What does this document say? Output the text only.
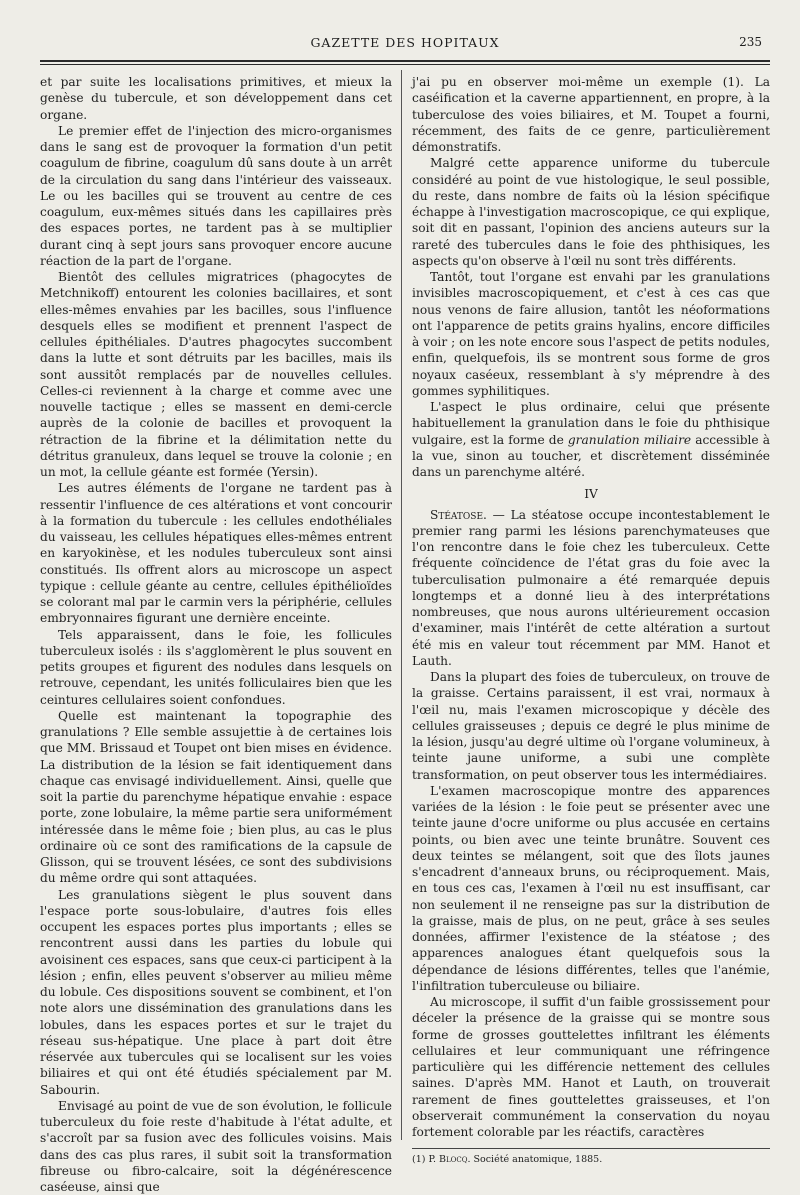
GAZETTE DES HOPITAUX	235

et par suite les localisations primitives, et mieux la genèse du tubercule, et son développement dans cet organe.

Le premier effet de l'injection des micro-organismes dans le sang est de provoquer la formation d'un petit coagulum de fibrine, coagulum dû sans doute à un arrêt de la circulation du sang dans l'intérieur des vaisseaux. Le ou les bacilles qui se trouvent au centre de ces coagulum, eux-mêmes situés dans les capillaires près des espaces portes, ne tardent pas à se multiplier durant cinq à sept jours sans provoquer encore aucune réaction de la part de l'organe.

Bientôt des cellules migratrices (phagocytes de Metchnikoff) entourent les colonies bacillaires, et sont elles-mêmes envahies par les bacilles, sous l'influence desquels elles se modifient et prennent l'aspect de cellules épithéliales. D'autres phagocytes succombent dans la lutte et sont détruits par les bacilles, mais ils sont aussitôt remplacés par de nouvelles cellules. Celles-ci reviennent à la charge et comme avec une nouvelle tactique ; elles se massent en demi-cercle auprès de la colonie de bacilles et provoquent la rétraction de la fibrine et la délimitation nette du détritus granuleux, dans lequel se trouve la colonie ; en un mot, la cellule géante est formée (Yersin).

Les autres éléments de l'organe ne tardent pas à ressentir l'influence de ces altérations et vont concourir à la formation du tubercule : les cellules endothéliales du vaisseau, les cellules hépatiques elles-mêmes entrent en karyokinèse, et les nodules tuberculeux sont ainsi constitués. Ils offrent alors au microscope un aspect typique : cellule géante au centre, cellules épithélioïdes se colorant mal par le carmin vers la périphérie, cellules embryonnaires figurant une dernière enceinte.

Tels apparaissent, dans le foie, les follicules tuberculeux isolés : ils s'agglomèrent le plus souvent en petits groupes et figurent des nodules dans lesquels on retrouve, cependant, les unités folliculaires bien que les ceintures cellulaires soient confondues.

Quelle est maintenant la topographie des granulations ? Elle semble assujettie à de certaines lois que MM. Brissaud et Toupet ont bien mises en évidence. La distribution de la lésion se fait identiquement dans chaque cas envisagé individuellement. Ainsi, quelle que soit la partie du parenchyme hépatique envahie : espace porte, zone lobulaire, la même partie sera uniformément intéressée dans le même foie ; bien plus, au cas le plus ordinaire où ce sont des ramifications de la capsule de Glisson, qui se trouvent lésées, ce sont des subdivisions du même ordre qui sont attaquées.

Les granulations siègent le plus souvent dans l'espace porte sous-lobulaire, d'autres fois elles occupent les espaces portes plus importants ; elles se rencontrent aussi dans les parties du lobule qui avoisinent ces espaces, sans que ceux-ci participent à la lésion ; enfin, elles peuvent s'observer au milieu même du lobule. Ces dispositions souvent se combinent, et l'on note alors une dissémination des granulations dans les lobules, dans les espaces portes et sur le trajet du réseau sus-hépatique. Une place à part doit être réservée aux tubercules qui se localisent sur les voies biliaires et qui ont été étudiés spécialement par M. Sabourin.

Envisagé au point de vue de son évolution, le follicule tuberculeux du foie reste d'habitude à l'état adulte, et s'accroît par sa fusion avec des follicules voisins. Mais dans des cas plus rares, il subit soit la transformation fibreuse ou fibro-calcaire, soit la dégénérescence caséeuse, ainsi que

j'ai pu en observer moi-même un exemple (1). La caséification et la caverne appartiennent, en propre, à la tuberculose des voies biliaires, et M. Toupet a fourni, récemment, des faits de ce genre, particulièrement démonstratifs.

Malgré cette apparence uniforme du tubercule considéré au point de vue histologique, le seul possible, du reste, dans nombre de faits où la lésion spécifique échappe à l'investigation macroscopique, ce qui explique, soit dit en passant, l'opinion des anciens auteurs sur la rareté des tubercules dans le foie des phthisiques, les aspects qu'on observe à l'œil nu sont très différents.

Tantôt, tout l'organe est envahi par les granulations invisibles macroscopiquement, et c'est à ces cas que nous venons de faire allusion, tantôt les néoformations ont l'apparence de petits grains hyalins, encore difficiles à voir ; on les note encore sous l'aspect de petits nodules, enfin, quelquefois, ils se montrent sous forme de gros noyaux caséeux, ressemblant à s'y méprendre à des gommes syphilitiques.

L'aspect le plus ordinaire, celui que présente habituellement la granulation dans le foie du phthisique vulgaire, est la forme de granulation miliaire accessible à la vue, sinon au toucher, et discrètement disséminée dans un parenchyme altéré.

IV

Stéatose. — La stéatose occupe incontestablement le premier rang parmi les lésions parenchymateuses que l'on rencontre dans le foie chez les tuberculeux. Cette fréquente coïncidence de l'état gras du foie avec la tuberculisation pulmonaire a été remarquée depuis longtemps et a donné lieu à des interprétations nombreuses, que nous aurons ultérieurement occasion d'examiner, mais l'intérêt de cette altération a surtout été mis en valeur tout récemment par MM. Hanot et Lauth.

Dans la plupart des foies de tuberculeux, on trouve de la graisse. Certains paraissent, il est vrai, normaux à l'œil nu, mais l'examen microscopique y décèle des cellules graisseuses ; depuis ce degré le plus minime de la lésion, jusqu'au degré ultime où l'organe volumineux, à teinte jaune uniforme, a subi une complète transformation, on peut observer tous les intermédiaires.

L'examen macroscopique montre des apparences variées de la lésion : le foie peut se présenter avec une teinte jaune d'ocre uniforme ou plus accusée en certains points, ou bien avec une teinte brunâtre. Souvent ces deux teintes se mélangent, soit que des îlots jaunes s'encadrent d'anneaux bruns, ou réciproquement. Mais, en tous ces cas, l'examen à l'œil nu est insuffisant, car non seulement il ne renseigne pas sur la distribution de la graisse, mais de plus, on ne peut, grâce à ses seules données, affirmer l'existence de la stéatose ; des apparences analogues étant quelquefois sous la dépendance de lésions différentes, telles que l'anémie, l'infiltration tuberculeuse ou biliaire.

Au microscope, il suffit d'un faible grossissement pour déceler la présence de la graisse qui se montre sous forme de grosses gouttelettes infiltrant les éléments cellulaires et leur communiquant une réfringence particulière qui les différencie nettement des cellules saines. D'après MM. Hanot et Lauth, on trouverait rarement de fines gouttelettes graisseuses, et l'on observerait communément la conservation du noyau fortement colorable par les réactifs, caractères

(1) P. Blocq. Société anatomique, 1885.
